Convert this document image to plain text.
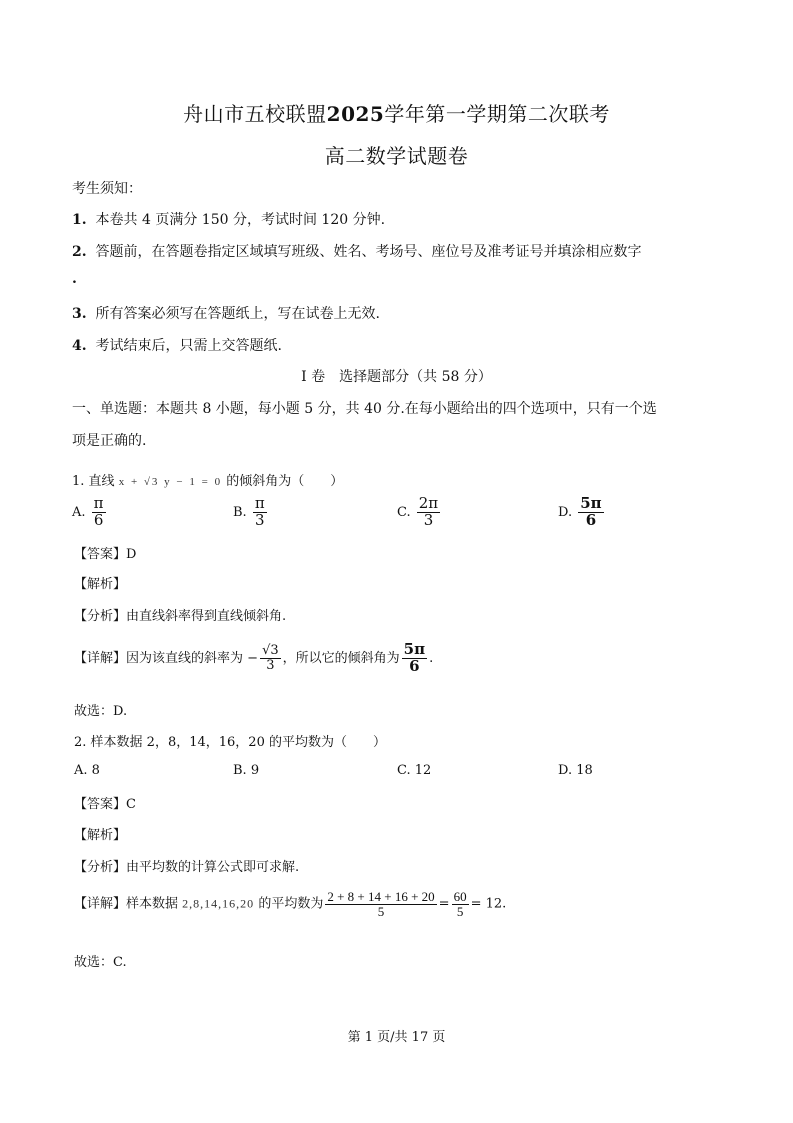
舟山市五校联盟2025学年第一学期第二次联考
高二数学试题卷
考生须知：
1. 本卷共 4 页满分 150 分，考试时间 120 分钟.
2. 答题前，在答题卷指定区域填写班级、姓名、考场号、座位号及准考证号并填涂相应数字
.
3. 所有答案必须写在答题纸上，写在试卷上无效.
4. 考试结束后，只需上交答题纸.
I 卷　选择题部分（共 58 分）
一、单选题：本题共 8 小题，每小题 5 分，共 40 分.在每小题给出的四个选项中，只有一个选
项是正确的.
1. 直线 x + √3 y − 1 = 0 的倾斜角为（　　）
A. $\frac{\pi}{6}$	B. $\frac{\pi}{3}$	C. $\frac{2\pi}{3}$	D. $\frac{5\pi}{6}$
【答案】D
【解析】
【分析】由直线斜率得到直线倾斜角.
【详解】因为该直线的斜率为 − $\frac{√3}{3}$ ，所以它的倾斜角为 $\frac{5\pi}{6}$ .
故选：D.
2. 样本数据 2，8，14，16，20 的平均数为（　　）
A. 8	B. 9	C. 12	D. 18
【答案】C
【解析】
【分析】由平均数的计算公式即可求解.
【详解】样本数据 2,8,14,16,20 的平均数为 $\frac{2 + 8 + 14 + 16 + 20}{5} = \frac{60}{5} = 12$.
故选：C.
第 1 页/共 17 页
